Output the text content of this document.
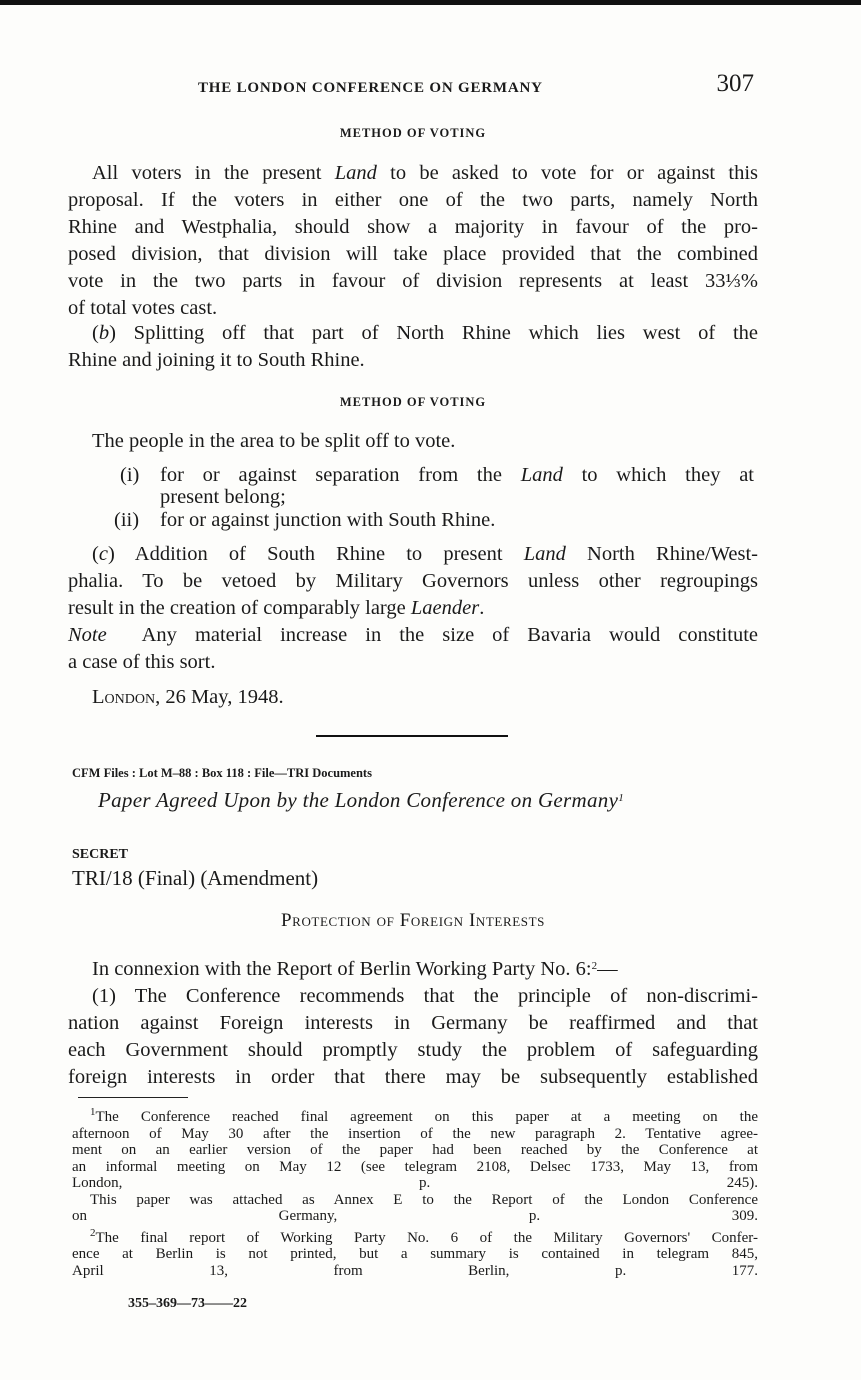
THE LONDON CONFERENCE ON GERMANY	307
METHOD OF VOTING
All voters in the present Land to be asked to vote for or against this
proposal. If the voters in either one of the two parts, namely North
Rhine and Westphalia, should show a majority in favour of the pro-
posed division, that division will take place provided that the combined
vote in the two parts in favour of division represents at least 33⅓%
of total votes cast.
(b) Splitting off that part of North Rhine which lies west of the
Rhine and joining it to South Rhine.
METHOD OF VOTING
The people in the area to be split off to vote.
(i) for or against separation from the Land to which they at
present belong;
(ii) for or against junction with South Rhine.
(c) Addition of South Rhine to present Land North Rhine/West-
phalia. To be vetoed by Military Governors unless other regroupings
result in the creation of comparably large Laender.
Note Any material increase in the size of Bavaria would constitute
a case of this sort.
London, 26 May, 1948.
CFM Files : Lot M–88 : Box 118 : File—TRI Documents
Paper Agreed Upon by the London Conference on Germany$^1$
SECRET
TRI/18 (Final) (Amendment)
Protection of Foreign Interests
In connexion with the Report of Berlin Working Party No. 6:$^2$—
(1) The Conference recommends that the principle of non-discrimi-
nation against Foreign interests in Germany be reaffirmed and that
each Government should promptly study the problem of safeguarding
foreign interests in order that there may be subsequently established
$^1$The Conference reached final agreement on this paper at a meeting on the
afternoon of May 30 after the insertion of the new paragraph 2. Tentative agree-
ment on an earlier version of the paper had been reached by the Conference at
an informal meeting on May 12 (see telegram 2108, Delsec 1733, May 13, from
London, p. 245).
This paper was attached as Annex E to the Report of the London Conference
on Germany, p. 309.
$^2$The final report of Working Party No. 6 of the Military Governors' Confer-
ence at Berlin is not printed, but a summary is contained in telegram 845,
April 13, from Berlin, p. 177.
355–369—73——22
